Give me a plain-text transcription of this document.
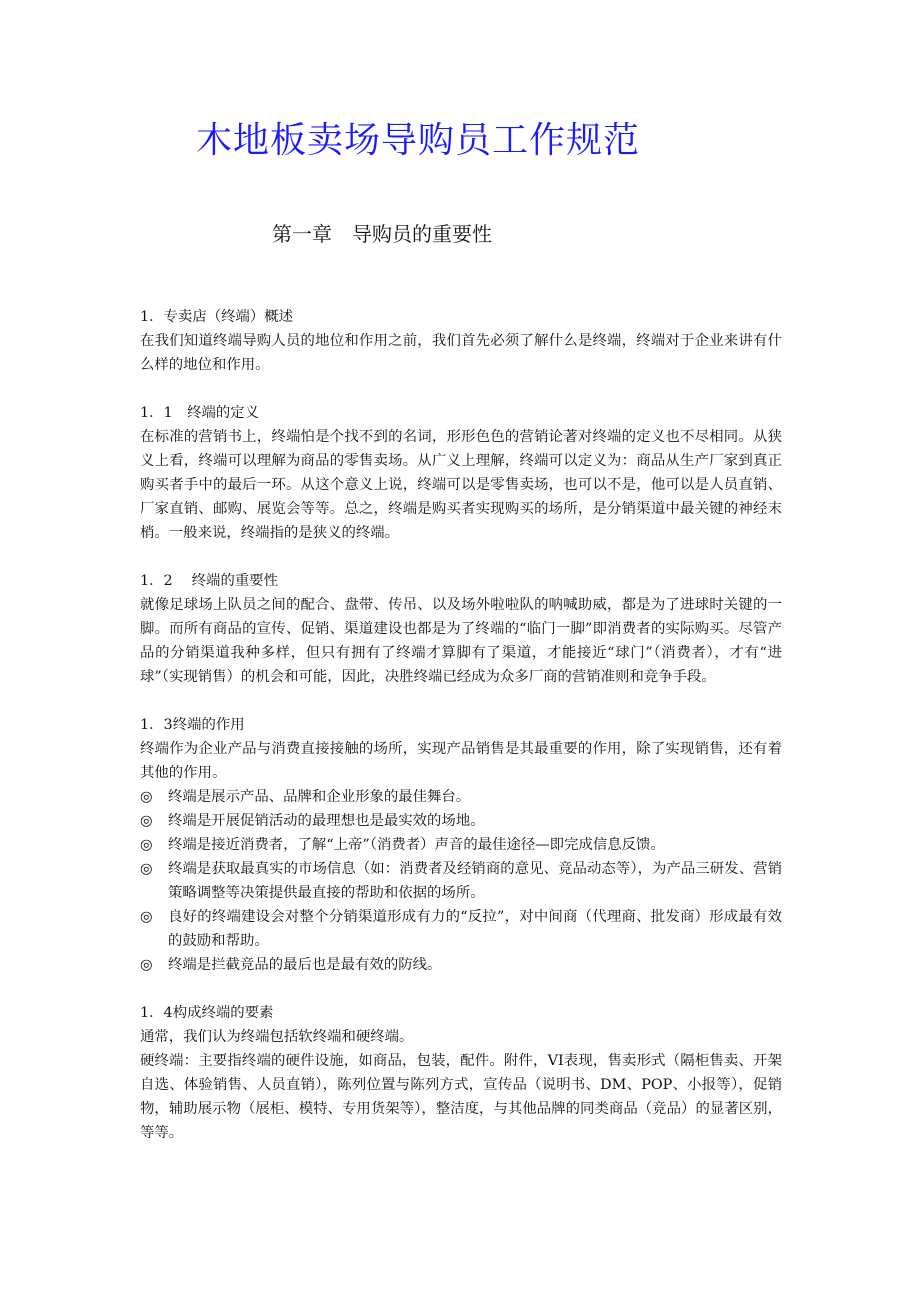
木地板卖场导购员工作规范
第一章　导购员的重要性

1．专卖店（终端）概述

在我们知道终端导购人员的地位和作用之前，我们首先必须了解什么是终端，终端对于企业来讲有什么样的地位和作用。

1．1　终端的定义

在标准的营销书上，终端怕是个找不到的名词，形形色色的营销论著对终端的定义也不尽相同。从狭义上看，终端可以理解为商品的零售卖场。从广义上理解，终端可以定义为：商品从生产厂家到真正购买者手中的最后一环。从这个意义上说，终端可以是零售卖场，也可以不是，他可以是人员直销、厂家直销、邮购、展览会等等。总之，终端是购买者实现购买的场所，是分销渠道中最关键的神经末梢。一般来说，终端指的是狭义的终端。

1．2　 终端的重要性

就像足球场上队员之间的配合、盘带、传吊、以及场外啦啦队的呐喊助威，都是为了进球时关键的一脚。而所有商品的宣传、促销、渠道建设也都是为了终端的“临门一脚”即消费者的实际购买。尽管产品的分销渠道我种多样，但只有拥有了终端才算脚有了渠道，才能接近“球门”（消费者），才有“进球”（实现销售）的机会和可能，因此，决胜终端已经成为众多厂商的营销准则和竞争手段。

1．3终端的作用

终端作为企业产品与消费直接接触的场所，实现产品销售是其最重要的作用，除了实现销售，还有着其他的作用。

◎ 终端是展示产品、品牌和企业形象的最佳舞台。
◎ 终端是开展促销活动的最理想也是最实效的场地。
◎ 终端是接近消费者，了解“上帝”（消费者）声音的最佳途径—即完成信息反馈。
◎ 终端是获取最真实的市场信息（如：消费者及经销商的意见、竞品动态等），为产品三研发、营销策略调整等决策提供最直接的帮助和依据的场所。
◎ 良好的终端建设会对整个分销渠道形成有力的“反拉”，对中间商（代理商、批发商）形成最有效的鼓励和帮助。
◎ 终端是拦截竞品的最后也是最有效的防线。

1．4构成终端的要素

通常，我们认为终端包括软终端和硬终端。

硬终端：主要指终端的硬件设施，如商品，包装，配件。附件，VI表现，售卖形式（隔柜售卖、开架自选、体验销售、人员直销），陈列位置与陈列方式，宣传品（说明书、DM、POP、小报等），促销物，辅助展示物（展柜、模特、专用货架等），整洁度，与其他品牌的同类商品（竞品）的显著区别，等等。
